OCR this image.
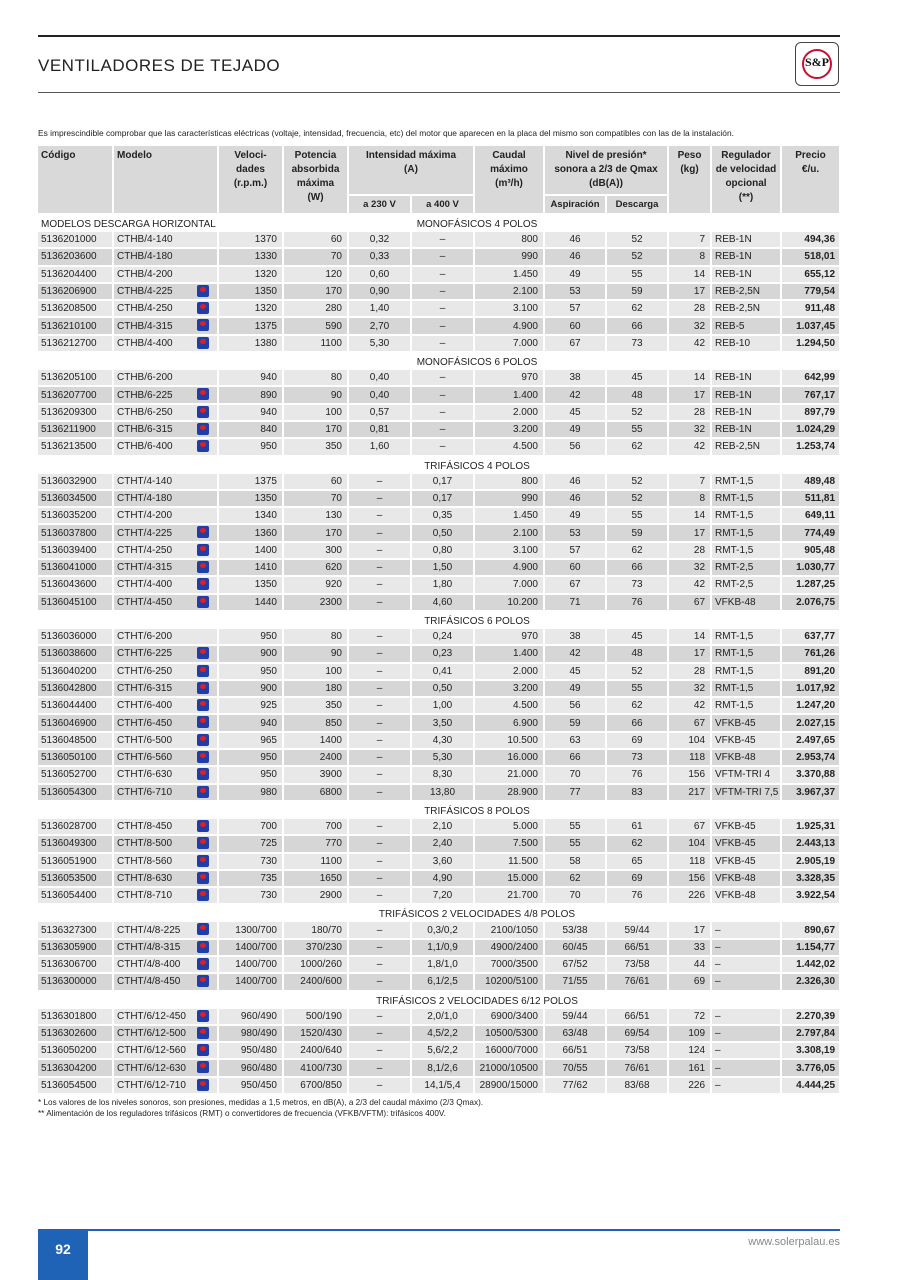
VENTILADORES DE TEJADO	S&P
Es imprescindible comprobar que las características eléctricas (voltaje, intensidad, frecuencia, etc) del motor que aparecen en la placa del mismo son compatibles con las de la instalación.
Código	Modelo	Veloci-
dades
(r.p.m.)	Potencia
absorbida
máxima
(W)	Intensidad máxima
(A)		Caudal
máximo
(m³/h)	Nivel de presión*
sonora a 2/3 de Qmax
(dB(A))		Peso
(kg)	Regulador
de velocidad
opcional
(**)	Precio
€/u.
				a 230 V	a 400 V		Aspiración	Descarga			
MODELOS DESCARGA HORIZONTAL				MONOFÁSICOS 4 POLOS							
5136201000	CTHB/4-140	1370	60	0,32	–	800	46	52	7	REB-1N	494,36
5136203600	CTHB/4-180	1330	70	0,33	–	990	46	52	8	REB-1N	518,01
5136204400	CTHB/4-200	1320	120	0,60	–	1.450	49	55	14	REB-1N	655,12
5136206900	CTHB/4-225	1350	170	0,90	–	2.100	53	59	17	REB-2,5N	779,54
5136208500	CTHB/4-250	1320	280	1,40	–	3.100	57	62	28	REB-2,5N	911,48
5136210100	CTHB/4-315	1375	590	2,70	–	4.900	60	66	32	REB-5	1.037,45
5136212700	CTHB/4-400	1380	1100	5,30	–	7.000	67	73	42	REB-10	1.294,50
				MONOFÁSICOS 6 POLOS							
5136205100	CTHB/6-200	940	80	0,40	–	970	38	45	14	REB-1N	642,99
5136207700	CTHB/6-225	890	90	0,40	–	1.400	42	48	17	REB-1N	767,17
5136209300	CTHB/6-250	940	100	0,57	–	2.000	45	52	28	REB-1N	897,79
5136211900	CTHB/6-315	840	170	0,81	–	3.200	49	55	32	REB-1N	1.024,29
5136213500	CTHB/6-400	950	350	1,60	–	4.500	56	62	42	REB-2,5N	1.253,74
				TRIFÁSICOS 4 POLOS							
5136032900	CTHT/4-140	1375	60	–	0,17	800	46	52	7	RMT-1,5	489,48
5136034500	CTHT/4-180	1350	70	–	0,17	990	46	52	8	RMT-1,5	511,81
5136035200	CTHT/4-200	1340	130	–	0,35	1.450	49	55	14	RMT-1,5	649,11
5136037800	CTHT/4-225	1360	170	–	0,50	2.100	53	59	17	RMT-1,5	774,49
5136039400	CTHT/4-250	1400	300	–	0,80	3.100	57	62	28	RMT-1,5	905,48
5136041000	CTHT/4-315	1410	620	–	1,50	4.900	60	66	32	RMT-2,5	1.030,77
5136043600	CTHT/4-400	1350	920	–	1,80	7.000	67	73	42	RMT-2,5	1.287,25
5136045100	CTHT/4-450	1440	2300	–	4,60	10.200	71	76	67	VFKB-48	2.076,75
				TRIFÁSICOS 6 POLOS							
5136036000	CTHT/6-200	950	80	–	0,24	970	38	45	14	RMT-1,5	637,77
5136038600	CTHT/6-225	900	90	–	0,23	1.400	42	48	17	RMT-1,5	761,26
5136040200	CTHT/6-250	950	100	–	0,41	2.000	45	52	28	RMT-1,5	891,20
5136042800	CTHT/6-315	900	180	–	0,50	3.200	49	55	32	RMT-1,5	1.017,92
5136044400	CTHT/6-400	925	350	–	1,00	4.500	56	62	42	RMT-1,5	1.247,20
5136046900	CTHT/6-450	940	850	–	3,50	6.900	59	66	67	VFKB-45	2.027,15
5136048500	CTHT/6-500	965	1400	–	4,30	10.500	63	69	104	VFKB-45	2.497,65
5136050100	CTHT/6-560	950	2400	–	5,30	16.000	66	73	118	VFKB-48	2.953,74
5136052700	CTHT/6-630	950	3900	–	8,30	21.000	70	76	156	VFTM-TRI 4	3.370,88
5136054300	CTHT/6-710	980	6800	–	13,80	28.900	77	83	217	VFTM-TRI 7,5	3.967,37
				TRIFÁSICOS 8 POLOS							
5136028700	CTHT/8-450	700	700	–	2,10	5.000	55	61	67	VFKB-45	1.925,31
5136049300	CTHT/8-500	725	770	–	2,40	7.500	55	62	104	VFKB-45	2.443,13
5136051900	CTHT/8-560	730	1100	–	3,60	11.500	58	65	118	VFKB-45	2.905,19
5136053500	CTHT/8-630	735	1650	–	4,90	15.000	62	69	156	VFKB-48	3.328,35
5136054400	CTHT/8-710	730	2900	–	7,20	21.700	70	76	226	VFKB-48	3.922,54
				TRIFÁSICOS 2 VELOCIDADES 4/8 POLOS							
5136327300	CTHT/4/8-225	1300/700	180/70	–	0,3/0,2	2100/1050	53/38	59/44	17	–	890,67
5136305900	CTHT/4/8-315	1400/700	370/230	–	1,1/0,9	4900/2400	60/45	66/51	33	–	1.154,77
5136306700	CTHT/4/8-400	1400/700	1000/260	–	1,8/1,0	7000/3500	67/52	73/58	44	–	1.442,02
5136300000	CTHT/4/8-450	1400/700	2400/600	–	6,1/2,5	10200/5100	71/55	76/61	69	–	2.326,30
				TRIFÁSICOS 2 VELOCIDADES 6/12 POLOS							
5136301800	CTHT/6/12-450	960/490	500/190	–	2,0/1,0	6900/3400	59/44	66/51	72	–	2.270,39
5136302600	CTHT/6/12-500	980/490	1520/430	–	4,5/2,2	10500/5300	63/48	69/54	109	–	2.797,84
5136050200	CTHT/6/12-560	950/480	2400/640	–	5,6/2,2	16000/7000	66/51	73/58	124	–	3.308,19
5136304200	CTHT/6/12-630	960/480	4100/730	–	8,1/2,6	21000/10500	70/55	76/61	161	–	3.776,05
5136054500	CTHT/6/12-710	950/450	6700/850	–	14,1/5,4	28900/15000	77/62	83/68	226	–	4.444,25
* Los valores de los niveles sonoros, son presiones, medidas a 1,5 metros, en dB(A), a 2/3 del caudal máximo (2/3 Qmax).
** Alimentación de los reguladores trifásicos (RMT) o convertidores de frecuencia (VFKB/VFTM): trifásicos 400V.
92	www.solerpalau.es
